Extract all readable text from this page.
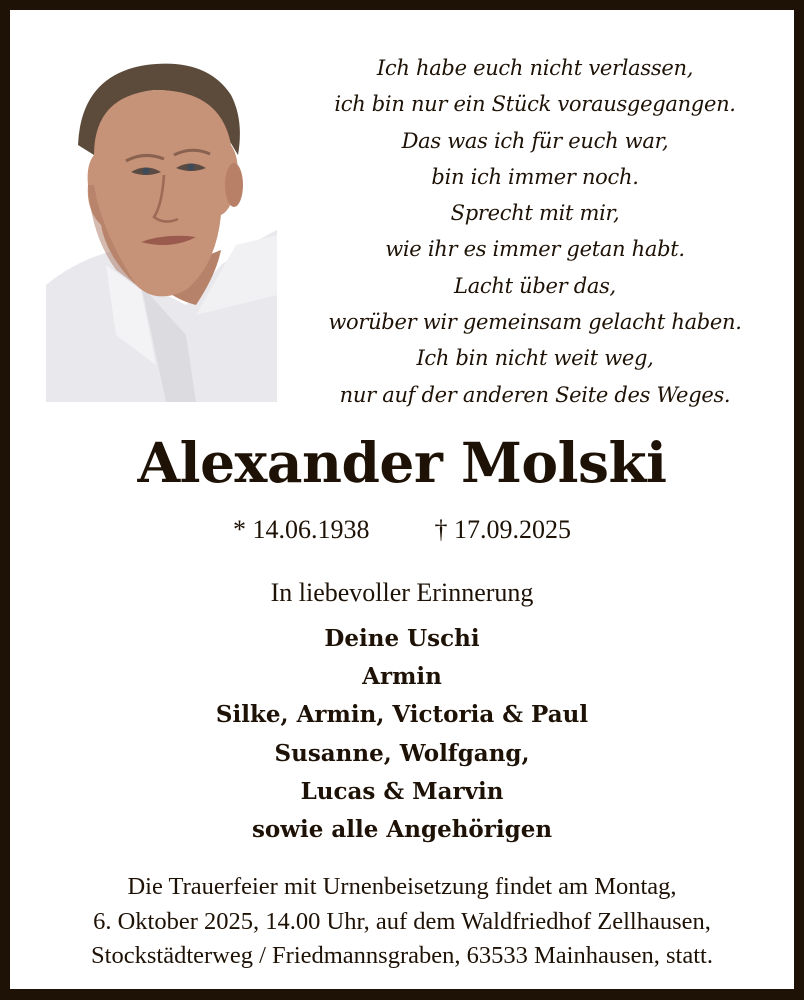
Ich habe euch nicht verlassen,
ich bin nur ein Stück vorausgegangen.
Das was ich für euch war,
bin ich immer noch.
Sprecht mit mir,
wie ihr es immer getan habt.
Lacht über das,
worüber wir gemeinsam gelacht haben.
Ich bin nicht weit weg,
nur auf der anderen Seite des Weges.
Alexander Molski
* 14.06.1938	† 17.09.2025
In liebevoller Erinnerung
Deine Uschi
Armin
Silke, Armin, Victoria & Paul
Susanne, Wolfgang,
Lucas & Marvin
sowie alle Angehörigen
Die Trauerfeier mit Urnenbeisetzung findet am Montag,
6. Oktober 2025, 14.00 Uhr, auf dem Waldfriedhof Zellhausen,
Stockstädterweg / Friedmannsgraben, 63533 Mainhausen, statt.
